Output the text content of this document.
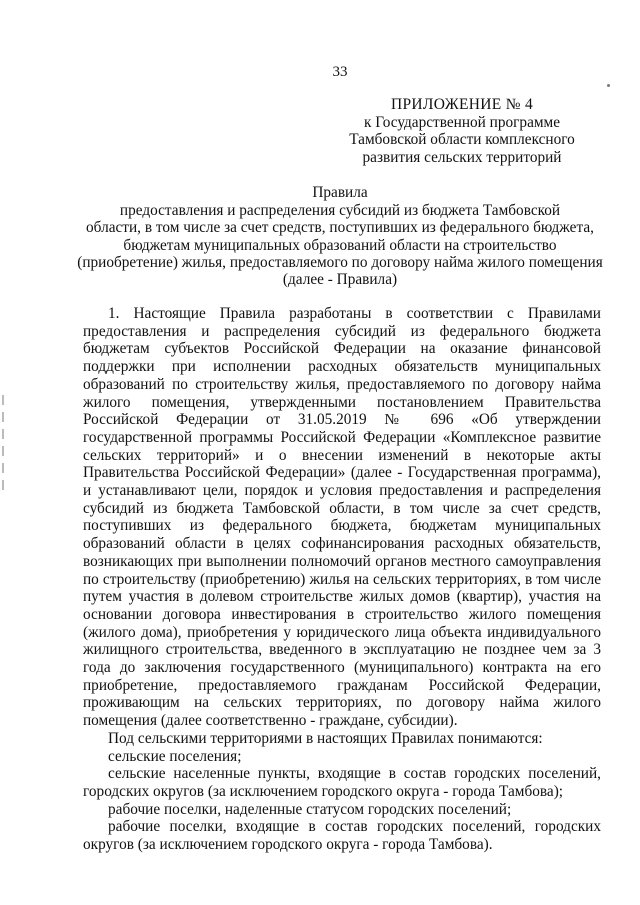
33
ПРИЛОЖЕНИЕ № 4
к Государственной программе
Тамбовской области комплексного
развития сельских территорий
Правила
предоставления и распределения субсидий из бюджета Тамбовской
области, в том числе за счет средств, поступивших из федерального бюджета,
бюджетам муниципальных образований области на строительство
(приобретение) жилья, предоставляемого по договору найма жилого помещения
(далее - Правила)

1. Настоящие Правила разработаны в соответствии с Правилами предоставления и распределения субсидий из федерального бюджета бюджетам субъектов Российской Федерации на оказание финансовой поддержки при исполнении расходных обязательств муниципальных образований по строительству жилья, предоставляемого по договору найма жилого помещения, утвержденными постановлением Правительства Российской Федерации от 31.05.2019 № 696 «Об утверждении государственной программы Российской Федерации «Комплексное развитие сельских территорий» и о внесении изменений в некоторые акты Правительства Российской Федерации» (далее - Государственная программа), и устанавливают цели, порядок и условия предоставления и распределения субсидий из бюджета Тамбовской области, в том числе за счет средств, поступивших из федерального бюджета, бюджетам муниципальных образований области в целях софинансирования расходных обязательств, возникающих при выполнении полномочий органов местного самоуправления по строительству (приобретению) жилья на сельских территориях, в том числе путем участия в долевом строительстве жилых домов (квартир), участия на основании договора инвестирования в строительство жилого помещения (жилого дома), приобретения у юридического лица объекта индивидуального жилищного строительства, введенного в эксплуатацию не позднее чем за 3 года до заключения государственного (муниципального) контракта на его приобретение, предоставляемого гражданам Российской Федерации, проживающим на сельских территориях, по договору найма жилого помещения (далее соответственно - граждане, субсидии).

Под сельскими территориями в настоящих Правилах понимаются:

сельские поселения;

сельские населенные пункты, входящие в состав городских поселений, городских округов (за исключением городского округа - города Тамбова);

рабочие поселки, наделенные статусом городских поселений;

рабочие поселки, входящие в состав городских поселений, городских округов (за исключением городского округа - города Тамбова).
